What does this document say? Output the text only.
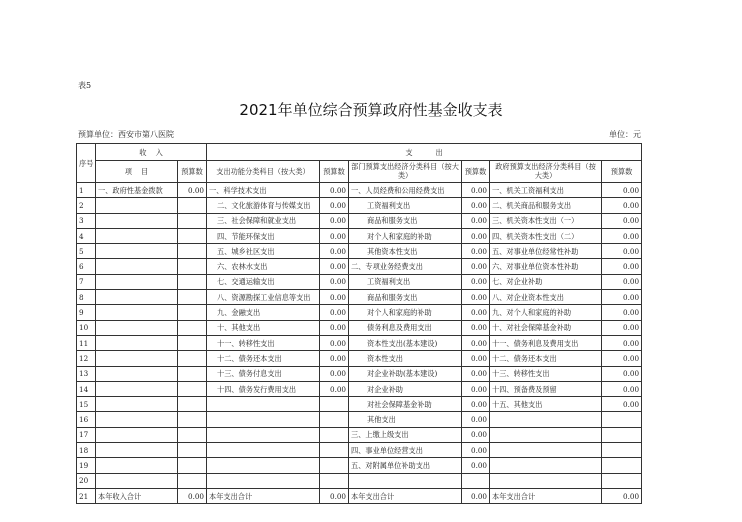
表5
2021年单位综合预算政府性基金收支表
预算单位：西安市第八医院	单位：元
序号	收    入		支          出					
	项    目	预算数	支出功能分类科目（按大类）	预算数	部门预算支出经济分类科目（按大类）	预算数	政府预算支出经济分类科目（按大类）	预算数
1	一、政府性基金拨款	0.00	一、科学技术支出	0.00	一、人员经费和公用经费支出	0.00	一、机关工资福利支出	0.00
2			二、文化旅游体育与传媒支出	0.00	工资福利支出	0.00	二、机关商品和服务支出	0.00
3			三、社会保障和就业支出	0.00	商品和服务支出	0.00	三、机关资本性支出（一）	0.00
4			四、节能环保支出	0.00	对个人和家庭的补助	0.00	四、机关资本性支出（二）	0.00
5			五、城乡社区支出	0.00	其他资本性支出	0.00	五、对事业单位经常性补助	0.00
6			六、农林水支出	0.00	二、专项业务经费支出	0.00	六、对事业单位资本性补助	0.00
7			七、交通运输支出	0.00	工资福利支出	0.00	七、对企业补助	0.00
8			八、资源勘探工业信息等支出	0.00	商品和服务支出	0.00	八、对企业资本性支出	0.00
9			九、金融支出	0.00	对个人和家庭的补助	0.00	九、对个人和家庭的补助	0.00
10			十、其他支出	0.00	债务利息及费用支出	0.00	十、对社会保障基金补助	0.00
11			十一、转移性支出	0.00	资本性支出(基本建设)	0.00	十一、债务利息及费用支出	0.00
12			十二、债务还本支出	0.00	资本性支出	0.00	十二、债务还本支出	0.00
13			十三、债务付息支出	0.00	对企业补助(基本建设)	0.00	十三、转移性支出	0.00
14			十四、债务发行费用支出	0.00	对企业补助	0.00	十四、预备费及预留	0.00
15					对社会保障基金补助	0.00	十五、其他支出	0.00
16					其他支出	0.00		
17					三、上缴上级支出	0.00		
18					四、事业单位经营支出	0.00		
19					五、对附属单位补助支出	0.00		
20								
21	本年收入合计	0.00	本年支出合计	0.00	本年支出合计	0.00	本年支出合计	0.00
